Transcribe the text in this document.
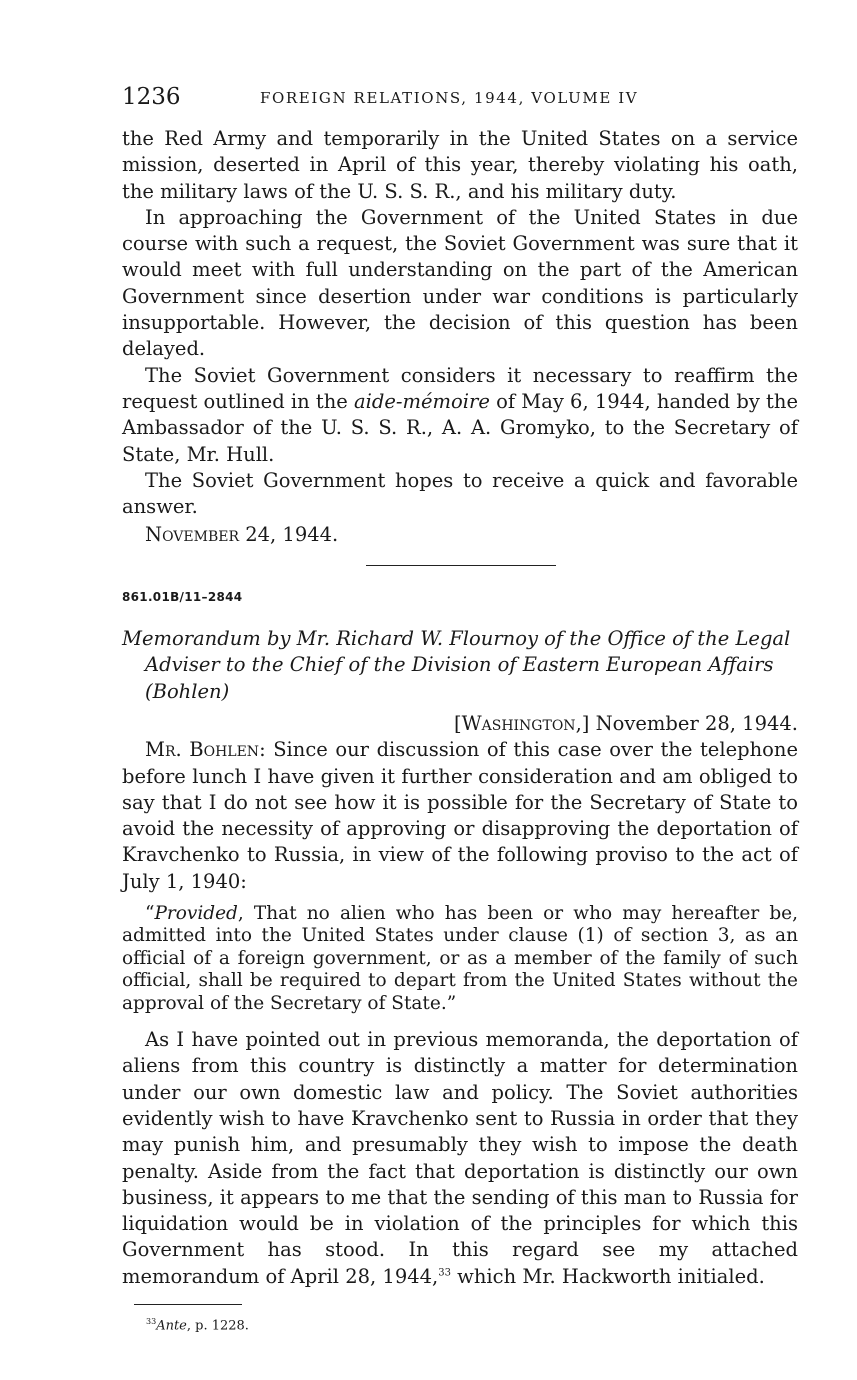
1236	FOREIGN RELATIONS, 1944, VOLUME IV

the Red Army and temporarily in the United States on a service mission, deserted in April of this year, thereby violating his oath, the military laws of the U. S. S. R., and his military duty.

In approaching the Government of the United States in due course with such a request, the Soviet Government was sure that it would meet with full understanding on the part of the American Government since desertion under war conditions is particularly insupportable. However, the decision of this question has been delayed.

The Soviet Government considers it necessary to reaffirm the request outlined in the aide-mémoire of May 6, 1944, handed by the Ambassador of the U. S. S. R., A. A. Gromyko, to the Secretary of State, Mr. Hull.

The Soviet Government hopes to receive a quick and favorable answer.

November 24, 1944.

861.01B/11–2844

Memorandum by Mr. Richard W. Flournoy of the Office of the Legal Adviser to the Chief of the Division of Eastern European Affairs (Bohlen)

[Washington,] November 28, 1944.

Mr. Bohlen: Since our discussion of this case over the telephone before lunch I have given it further consideration and am obliged to say that I do not see how it is possible for the Secretary of State to avoid the necessity of approving or disapproving the deportation of Kravchenko to Russia, in view of the following proviso to the act of July 1, 1940:

“Provided, That no alien who has been or who may hereafter be, admitted into the United States under clause (1) of section 3, as an official of a foreign government, or as a member of the family of such official, shall be required to depart from the United States without the approval of the Secretary of State.”

As I have pointed out in previous memoranda, the deportation of aliens from this country is distinctly a matter for determination under our own domestic law and policy. The Soviet authorities evidently wish to have Kravchenko sent to Russia in order that they may punish him, and presumably they wish to impose the death penalty. Aside from the fact that deportation is distinctly our own business, it appears to me that the sending of this man to Russia for liquidation would be in violation of the principles for which this Government has stood. In this regard see my attached memorandum of April 28, 1944,33 which Mr. Hackworth initialed.

$^{33}$Ante, p. 1228.
